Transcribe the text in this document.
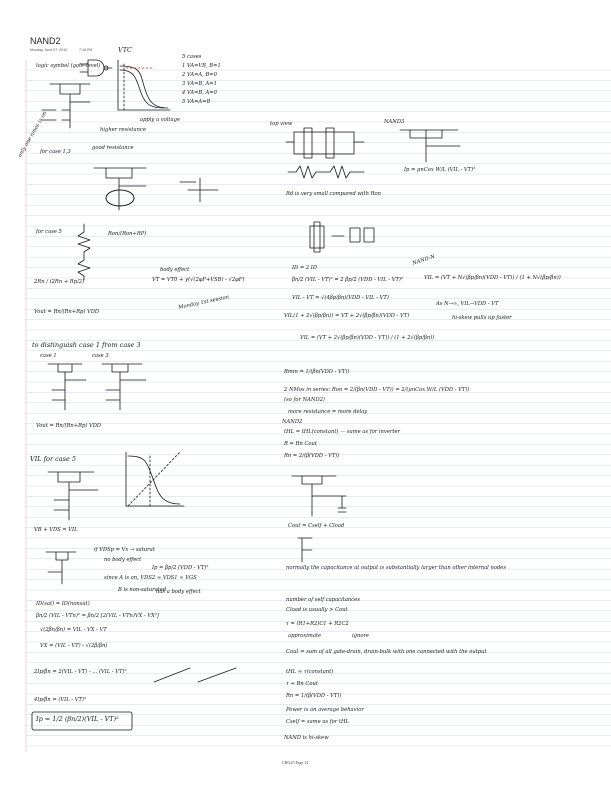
NAND2
Monday, June 07, 2010	7:18 PM
logic symbol (gate-level)
VTC
5 cases
1 VA=VB, B=1
2 VA=A, B=0
3 VA=B, A=1
4 VA=B, A=0
5 VA=A=B
apply a voltage
only one nmos is on
for case 1,3
higher resistance
good resistance
for case 5	Ron/(Ron+RP)
body effect
VT = VT0 + γ(√(2φF+VSB) - √2φF)
Monday 1st session
2Rn / (2Rn + Rp/2)
Vout = Rn/(Rn+Rp) VDD
to distinguish case 1 from case 3
case 1	case 3
Vout = Rn/(Rn+Rp) VDD
VIL for case 5
VB + VDS = VIL
if VDSp = Vx → saturat
no body effect
Ip = βp/2 (VDD - VT)²
since A is on, VDS2 ≈ VDS1 ≈ VGS
B is non-saturated
has a body effect
ID(sat) = ID(nonsat)
βn/2 (VIL - VTn)² = βn/2 [2(VIL - VTn)VX - VX²]
√(2βn/βn) = VIL - VX - VT
VX = (VIL - VT) - √(2β/βn)
2Ip/βn = 2(VIL - VT) - ... (VIL - VT)²
4Ip/βn = (VIL - VT)²
Ip = 1/2 (βn/2)(VIL - VT)²
top view	NAND3
Rd is very small compared with Ron
Ip = μnCox W/L (VIL - VT)²
ID = 2 ID
βn/2 (VIL - VT)² = 2 βp/2 (VDD - VIL - VT)²
VIL - VT = √(4βp/βn)(VDD - VIL - VT)
VIL(1 + 2√(βp/βn)) = VT + 2√(βp/βn)(VDD - VT)
VIL = (VT + 2√(βp/βn)(VDD - VT)) / (1 + 2√(βp/βn))
NAND-N
VIL = (VT + N√(βp/βn)(VDD - VT)) / (1 + N√(βp/βn))
As N→∞, VIL→VDD - VT
hi-skew pulls up faster
Rmin = 1/(βn(VDD - VT))
2 NMos in series: Ron = 2/(βn(VDD - VT)) = 2/(μnCox W/L (VDD - VT))
(so for NAND2)
more resistance = more delay
NAND2
tHL = tHL(constant) — same as for inverter
R = Rn Cout
Rn = 2/(β(VDD - VT))
Cout = Cself + Cload
normally the capacitance at output is substantially larger than other internal nodes
number of self capacitances
Cload is usually > Cout
τ = (R1+R2)C1 + R2C2
approximate	ignore
Cout = sum of all gate-drain, drain-bulk with one connected with the output
tHL ≈ τ(constant)
τ ≈ Rn Cout
Rn = 1/(β(VDD - VT))
Power is an average behavior
Cself = same as for tHL
NAND is hi-skew
CHG25 Page 14
